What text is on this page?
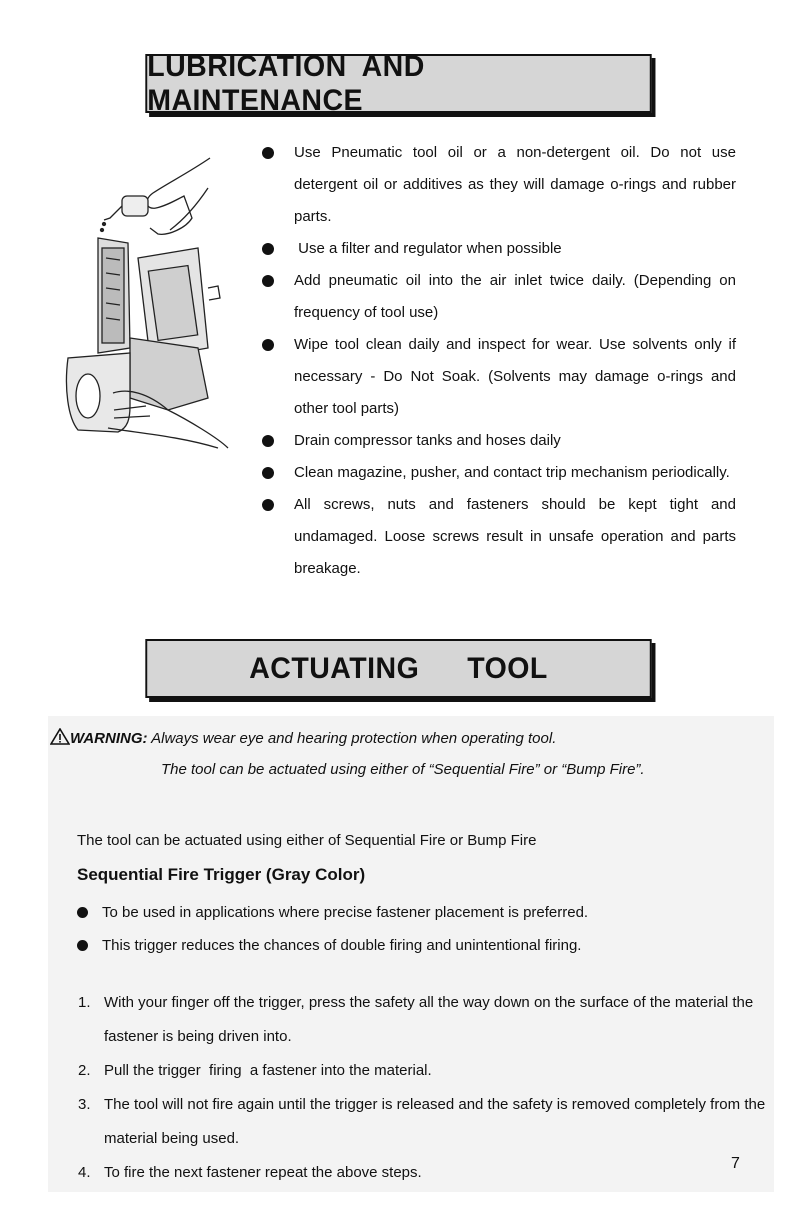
LUBRICATION AND MAINTENANCE
Use Pneumatic tool oil or a non-detergent oil. Do not use detergent oil or additives as they will damage o-rings and rubber parts.
Use a filter and regulator when possible
Add pneumatic oil into the air inlet twice daily. (Depending on frequency of tool use)
Wipe tool clean daily and inspect for wear. Use solvents only if necessary - Do Not Soak. (Solvents may damage o-rings and other tool parts)
Drain compressor tanks and hoses daily
Clean magazine, pusher, and contact trip mechanism periodically.
All screws, nuts and fasteners should be kept tight and undamaged. Loose screws result in unsafe operation and parts breakage.
ACTUATING   TOOL
WARNING: Always wear eye and hearing protection when operating tool.
The tool can be actuated using either of “Sequential Fire” or “Bump Fire”.
The tool can be actuated using either of Sequential Fire or Bump Fire
Sequential Fire Trigger (Gray Color)
To be used in applications where precise fastener placement is preferred.
This trigger reduces the chances of double firing and unintentional firing.
1. With your finger off the trigger, press the safety all the way down on the surface of the material the fastener is being driven into.
2. Pull the trigger  firing  a fastener into the material.
3. The tool will not fire again until the trigger is released and the safety is removed completely from the material being used.
4. To fire the next fastener repeat the above steps.
7
